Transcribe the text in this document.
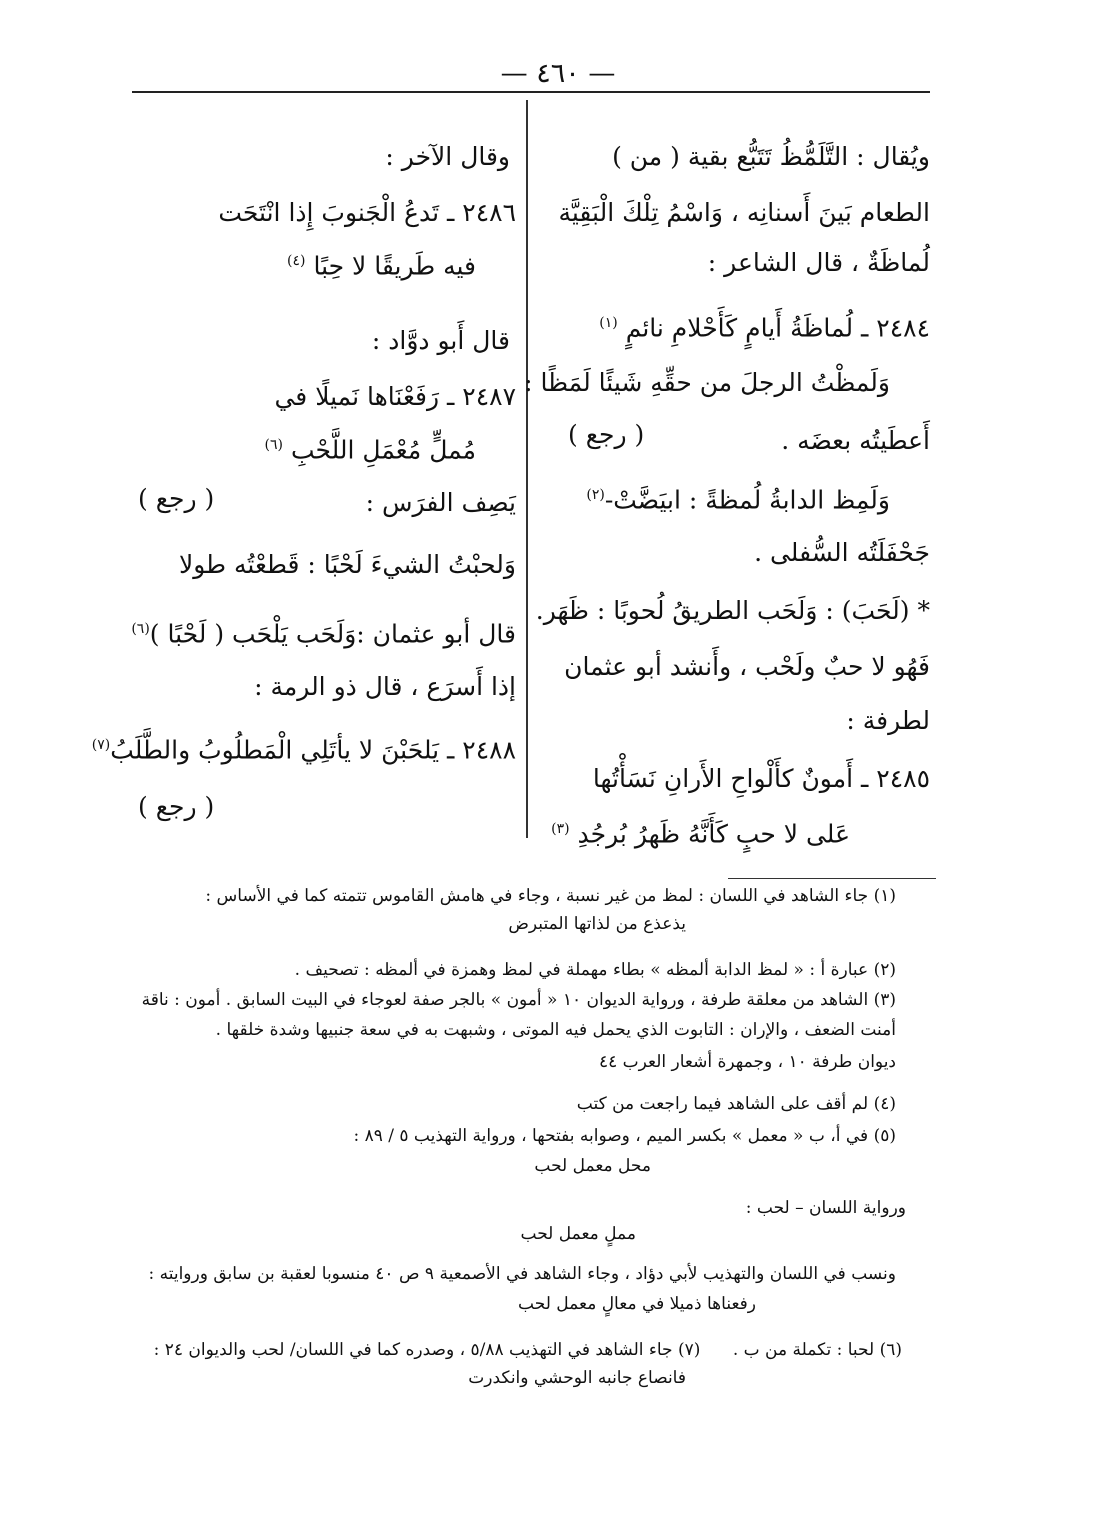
— ٤٦٠ —
ويُقال : التَّلَمُّظُ تَتَبُّع بقية ( من )
الطعام بَينَ أَسنانِه ، وَاسْمُ تِلْكَ الْبَقِيَّة
لُماظَةٌ ، قال الشاعر :
٢٤٨٤ ـ لُماظَةُ أَيامٍ كَأَحْلامِ نائمٍ $^{(١)}$
وَلَمظْتُ الرجلَ من حقِّهِ شَيئًا لَمَظًا :
أَعطَيتُه بعضَه .
( رجع )
وَلَمِظ الدابةُ لُمظةً : ابيَضَّتْ-$^{(٢)}$
جَحْفَلَتُه السُّفلى .
* (لَحَبَ) : وَلَحَب الطريقُ لُحوبًا : ظَهَر.
فَهُو لا حبٌ ولَحْب ، وأَنشد أبو عثمان
لطرفة :
٢٤٨٥ ـ أَمونٌ كأَلْواحِ الأَرانِ نَسَأْتُها
عَلى لا حبٍ كَأَنَّهُ ظَهرُ بُرجُدِ $^{(٣)}$
وقال الآخر :
٢٤٨٦ ـ تَدعُ الْجَنوبَ إِذا انْتَحَت
فيه طَريقًا لا حِبًا $^{(٤)}$
قال أَبو دوَّاد :
٢٤٨٧ ـ رَفَعْنَاها نَميلًا في
مُملٍّ مُعْمَلِ اللَّحْبِ $^{(٦)}$
يَصِف الفرَس :
( رجع )
وَلحبْتُ الشيءَ لَحْبًا : قَطعْتُه طولا
قال أبو عثمان :وَلَحَب يَلْحَب ( لَحْبًا )$^{(٦)}$
إذا أَسرَع ، قال ذو الرمة :
٢٤٨٨ ـ يَلحَبْنَ لا يأتَلِي الْمَطلُوبُ والطَّلَبُ$^{(٧)}$
( رجع )
(١) جاء الشاهد في اللسان : لمظ من غير نسبة ، وجاء في هامش القاموس تتمته كما في الأساس :
يذعذع من لذاتها المتبرض
(٢) عبارة أ : « لمظ الدابة ألمظه » بطاء مهملة في لمظ وهمزة في ألمظه : تصحيف .
(٣) الشاهد من معلقة طرفة ، ورواية الديوان ١٠ « أمون » بالجر صفة لعوجاء في البيت السابق . أمون : ناقة
أمنت الضعف ، والإران : التابوت الذي يحمل فيه الموتى ، وشبهت به في سعة جنبيها وشدة خلقها .
ديوان طرفة ١٠ ، وجمهرة أشعار العرب ٤٤
(٤) لم أقف على الشاهد فيما راجعت من كتب
(٥) في أ، ب « معمل » بكسر الميم ، وصوابه بفتحها ، ورواية التهذيب ٥ / ٨٩ :
محل معمل لحب
ورواية اللسان – لحب :
مملٍ معمل لحب
ونسب في اللسان والتهذيب لأبي دؤاد ، وجاء الشاهد في الأصمعية ٩ ص ٤٠ منسوبا لعقبة بن سابق وروايته :
رفعناها ذميلا في معالٍ معمل لحب
(٦) لحبا : تكملة من ب .      (٧) جاء الشاهد في التهذيب ٥/٨٨ ، وصدره كما في اللسان/ لحب والديوان ٢٤ :
فانصاع جانبه الوحشي وانكدرت
